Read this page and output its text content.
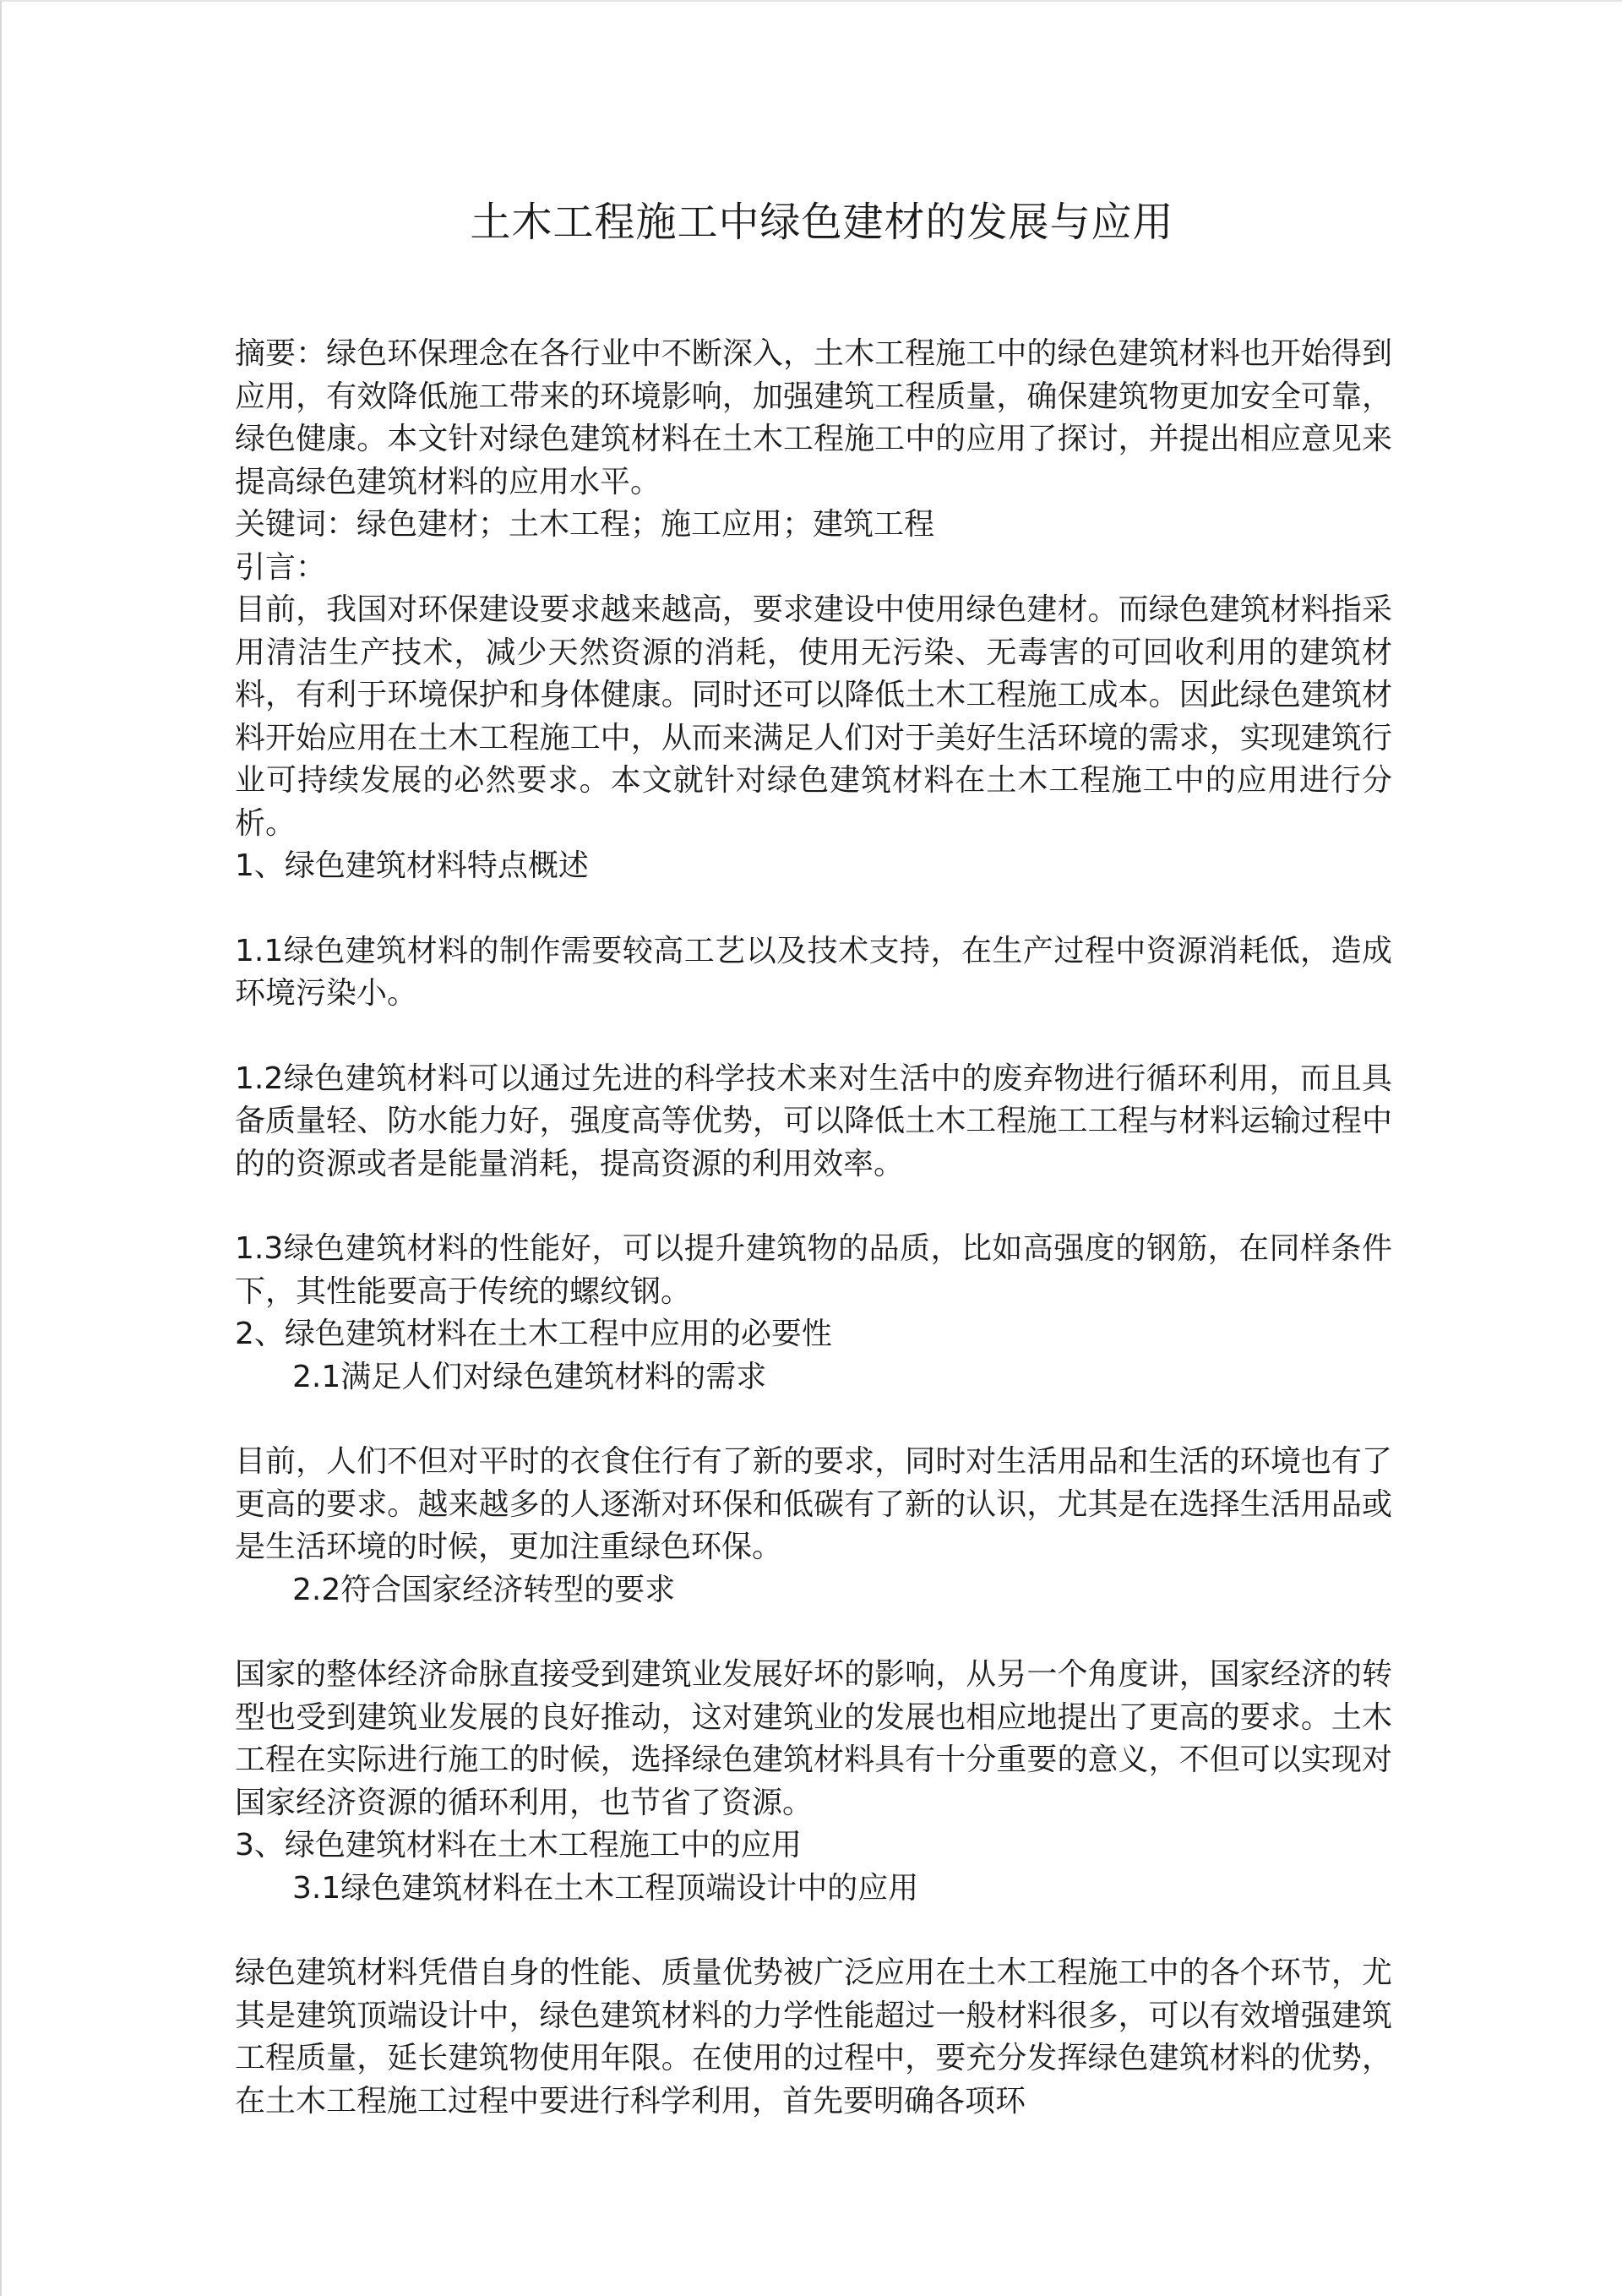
土木工程施工中绿色建材的发展与应用

摘要：绿色环保理念在各行业中不断深入，土木工程施工中的绿色建筑材料也开始得到应用，有效降低施工带来的环境影响，加强建筑工程质量，确保建筑物更加安全可靠，绿色健康。本文针对绿色建筑材料在土木工程施工中的应用了探讨，并提出相应意见来提高绿色建筑材料的应用水平。

关键词：绿色建材；土木工程；施工应用；建筑工程

引言：

目前，我国对环保建设要求越来越高，要求建设中使用绿色建材。而绿色建筑材料指采用清洁生产技术，减少天然资源的消耗，使用无污染、无毒害的可回收利用的建筑材料，有利于环境保护和身体健康。同时还可以降低土木工程施工成本。因此绿色建筑材料开始应用在土木工程施工中，从而来满足人们对于美好生活环境的需求，实现建筑行业可持续发展的必然要求。本文就针对绿色建筑材料在土木工程施工中的应用进行分析。

1、绿色建筑材料特点概述

1.1绿色建筑材料的制作需要较高工艺以及技术支持，在生产过程中资源消耗低，造成环境污染小。

1.2绿色建筑材料可以通过先进的科学技术来对生活中的废弃物进行循环利用，而且具备质量轻、防水能力好，强度高等优势，可以降低土木工程施工工程与材料运输过程中的的资源或者是能量消耗，提高资源的利用效率。

1.3绿色建筑材料的性能好，可以提升建筑物的品质，比如高强度的钢筋，在同样条件下，其性能要高于传统的螺纹钢。

2、绿色建筑材料在土木工程中应用的必要性

2.1满足人们对绿色建筑材料的需求

目前，人们不但对平时的衣食住行有了新的要求，同时对生活用品和生活的环境也有了更高的要求。越来越多的人逐渐对环保和低碳有了新的认识，尤其是在选择生活用品或是生活环境的时候，更加注重绿色环保。

2.2符合国家经济转型的要求

国家的整体经济命脉直接受到建筑业发展好坏的影响，从另一个角度讲，国家经济的转型也受到建筑业发展的良好推动，这对建筑业的发展也相应地提出了更高的要求。土木工程在实际进行施工的时候，选择绿色建筑材料具有十分重要的意义，不但可以实现对国家经济资源的循环利用，也节省了资源。

3、绿色建筑材料在土木工程施工中的应用

3.1绿色建筑材料在土木工程顶端设计中的应用

绿色建筑材料凭借自身的性能、质量优势被广泛应用在土木工程施工中的各个环节，尤其是建筑顶端设计中，绿色建筑材料的力学性能超过一般材料很多，可以有效增强建筑工程质量，延长建筑物使用年限。在使用的过程中，要充分发挥绿色建筑材料的优势，在土木工程施工过程中要进行科学利用，首先要明确各项环
